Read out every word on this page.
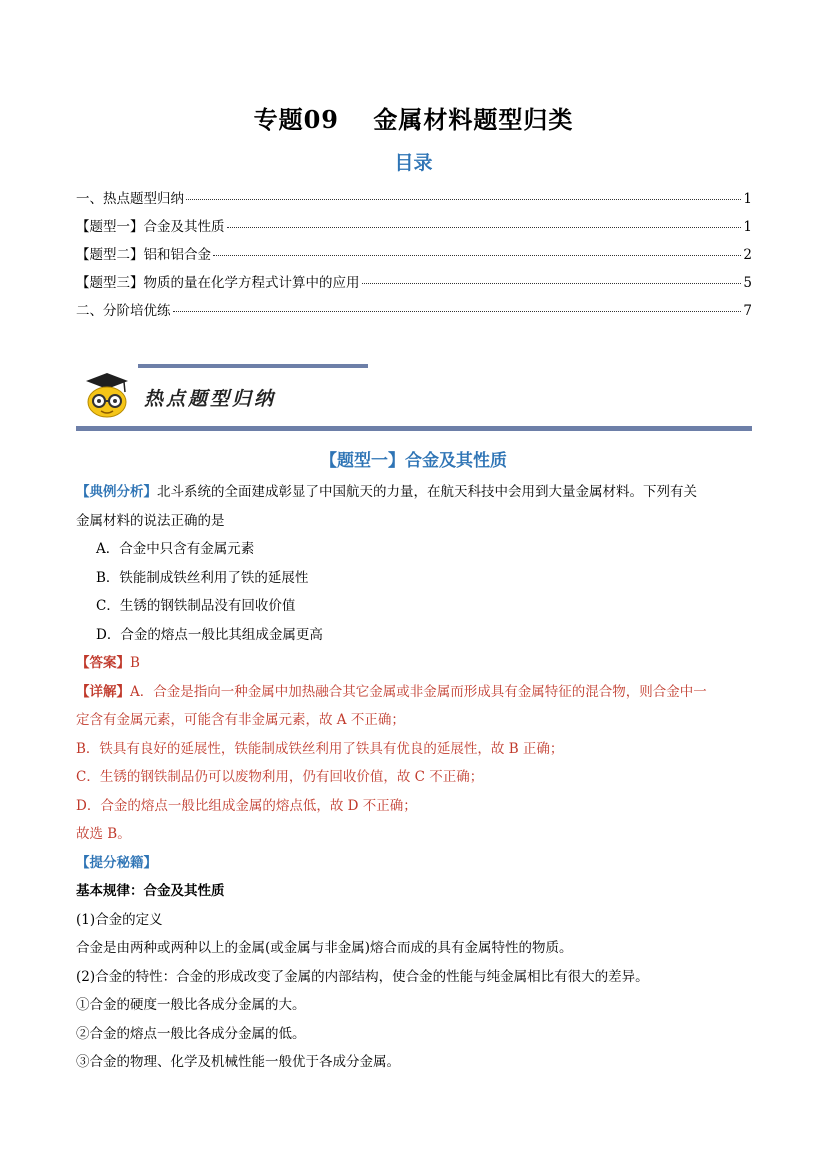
专题09　 金属材料题型归类
目录
一、热点题型归纳	1
【题型一】合金及其性质	1
【题型二】铝和铝合金	2
【题型三】物质的量在化学方程式计算中的应用	5
二、分阶培优练	7
热点题型归纳
【题型一】合金及其性质
【典例分析】北斗系统的全面建成彰显了中国航天的力量，在航天科技中会用到大量金属材料。下列有关
金属材料的说法正确的是
A．合金中只含有金属元素
B．铁能制成铁丝利用了铁的延展性
C．生锈的钢铁制品没有回收价值
D．合金的熔点一般比其组成金属更高
【答案】B
【详解】A．合金是指向一种金属中加热融合其它金属或非金属而形成具有金属特征的混合物，则合金中一
定含有金属元素，可能含有非金属元素，故 A 不正确；
B．铁具有良好的延展性，铁能制成铁丝利用了铁具有优良的延展性，故 B 正确；
C．生锈的钢铁制品仍可以废物利用，仍有回收价值，故 C 不正确；
D．合金的熔点一般比组成金属的熔点低，故 D 不正确；
故选 B。
【提分秘籍】
基本规律：合金及其性质
(1)合金的定义
合金是由两种或两种以上的金属(或金属与非金属)熔合而成的具有金属特性的物质。
(2)合金的特性：合金的形成改变了金属的内部结构，使合金的性能与纯金属相比有很大的差异。
①合金的硬度一般比各成分金属的大。
②合金的熔点一般比各成分金属的低。
③合金的物理、化学及机械性能一般优于各成分金属。
